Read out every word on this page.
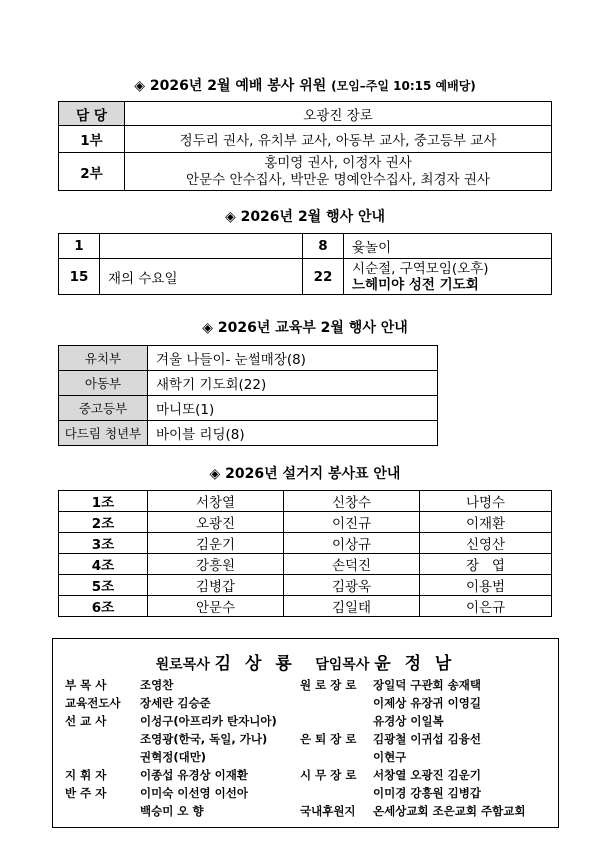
◈ 2026년 2월 예배 봉사 위원 (모임–주일 10:15 예배당)
담 당	오광진 장로
1부	정두리 권사, 유치부 교사, 아동부 교사, 중고등부 교사
2부	홍미영 권사, 이정자 권사
안문수 안수집사, 박만운 명예안수집사, 최경자 권사
◈ 2026년 2월 행사 안내
1		8	윷놀이
15	재의 수요일	22	시순절, 구역모임(오후)
느헤미야 성전 기도회
◈ 2026년 교육부 2월 행사 안내
유치부	겨울 나들이- 눈썰매장(8)
아동부	새학기 기도회(22)
중고등부	마니또(1)
다드림 청년부	바이블 리딩(8)
◈ 2026년 설거지 봉사표 안내
1조	서창열	신창수	나명수
2조	오광진	이진규	이재환
3조	김운기	이상규	신영산
4조	강흥원	손덕진	장   엽
5조	김병갑	김광욱	이용범
6조	안문수	김일태	이은규
원로목사 김 상 룡 담임목사 윤 정 남
부 목 사	조영찬	원 로 장 로 장일덕 구관회 송재택
교육전도사 장세란 김승준	이제상 유장귀 이영길
선 교 사	이성구(아프리카 탄자니아)	유경상 이일복
조영광(한국, 독일, 가나)	은 퇴 장 로 김광철 이귀섭 김융선
권혁정(대만)	이현구
지 휘 자	이종섭 유경상 이재환	시 무 장 로 서창열 오광진 김운기
반 주 자	이미숙 이선영 이선아	이미경 강흥원 김병갑
백승미 오 향	국내후원지 온세상교회 조은교회 주함교회
